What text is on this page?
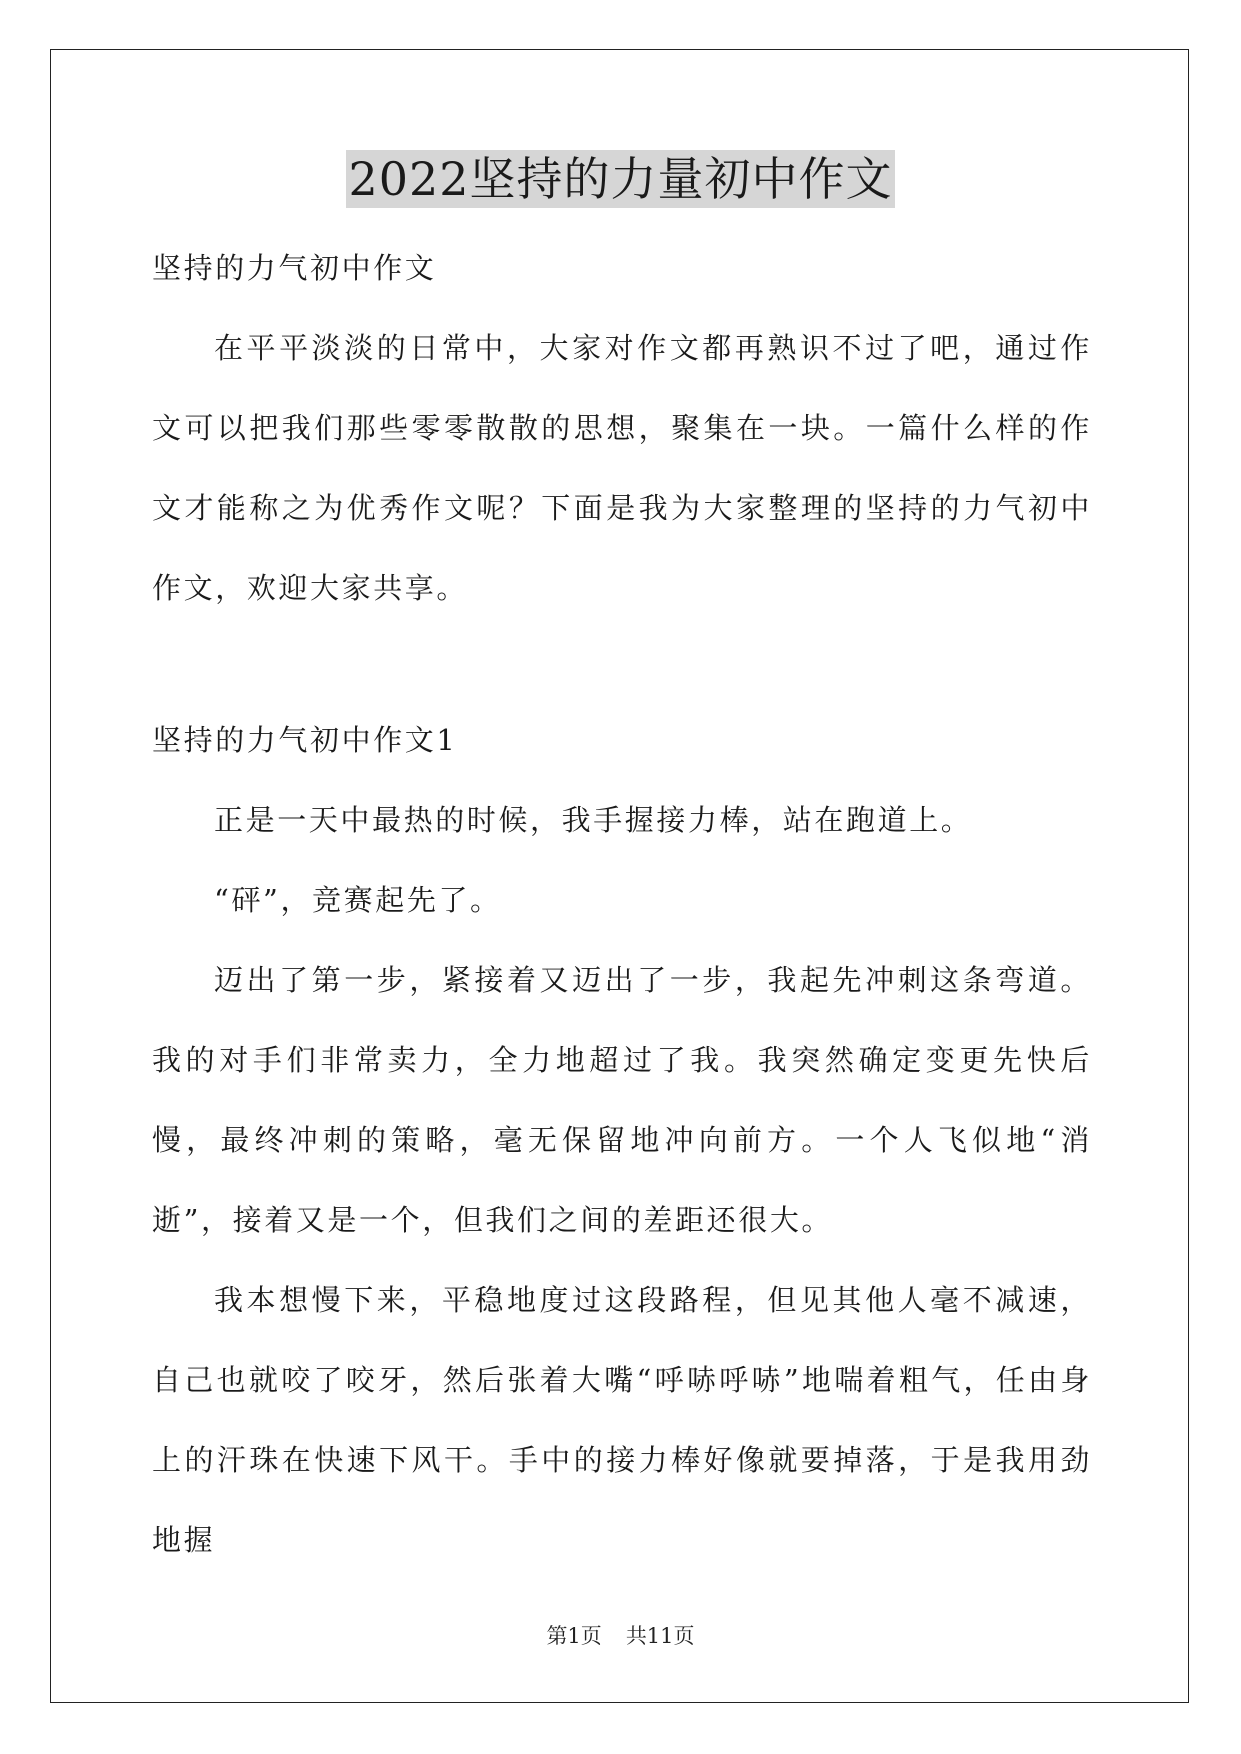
2022坚持的力量初中作文
坚持的力气初中作文

在平平淡淡的日常中，大家对作文都再熟识不过了吧，通过作文可以把我们那些零零散散的思想，聚集在一块。一篇什么样的作文才能称之为优秀作文呢？下面是我为大家整理的坚持的力气初中作文，欢迎大家共享。

坚持的力气初中作文1

正是一天中最热的时候，我手握接力棒，站在跑道上。

“砰”，竞赛起先了。

迈出了第一步，紧接着又迈出了一步，我起先冲刺这条弯道。我的对手们非常卖力，全力地超过了我。我突然确定变更先快后慢，最终冲刺的策略，毫无保留地冲向前方。一个人飞似地“消逝”，接着又是一个，但我们之间的差距还很大。

我本想慢下来，平稳地度过这段路程，但见其他人毫不减速，自己也就咬了咬牙，然后张着大嘴“呼哧呼哧”地喘着粗气，任由身上的汗珠在快速下风干。手中的接力棒好像就要掉落，于是我用劲地握

第1页 共11页
